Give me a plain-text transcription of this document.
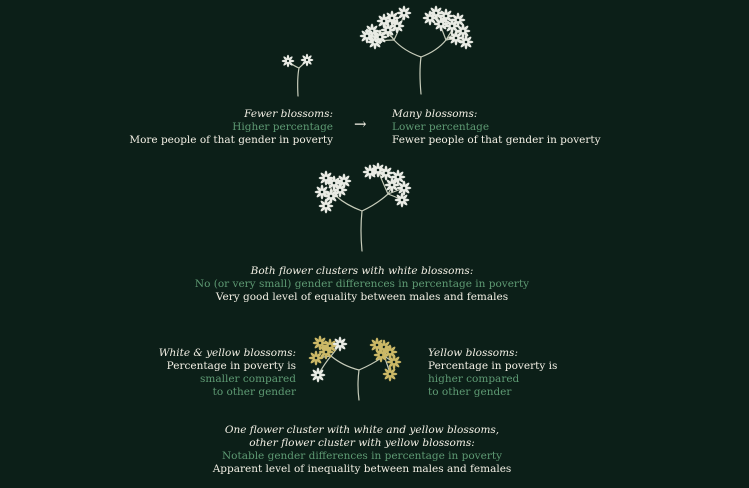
Fewer blossoms:
Higher percentage
More people of that gender in poverty
→
Many blossoms:
Lower percentage
Fewer people of that gender in poverty
Both flower clusters with white blossoms:
No (or very small) gender differences in percentage in poverty
Very good level of equality between males and females
White & yellow blossoms:
Percentage in poverty is
smaller compared
to other gender
Yellow blossoms:
Percentage in poverty is
higher compared
to other gender
One flower cluster with white and yellow blossoms,
other flower cluster with yellow blossoms:
Notable gender differences in percentage in poverty
Apparent level of inequality between males and females
